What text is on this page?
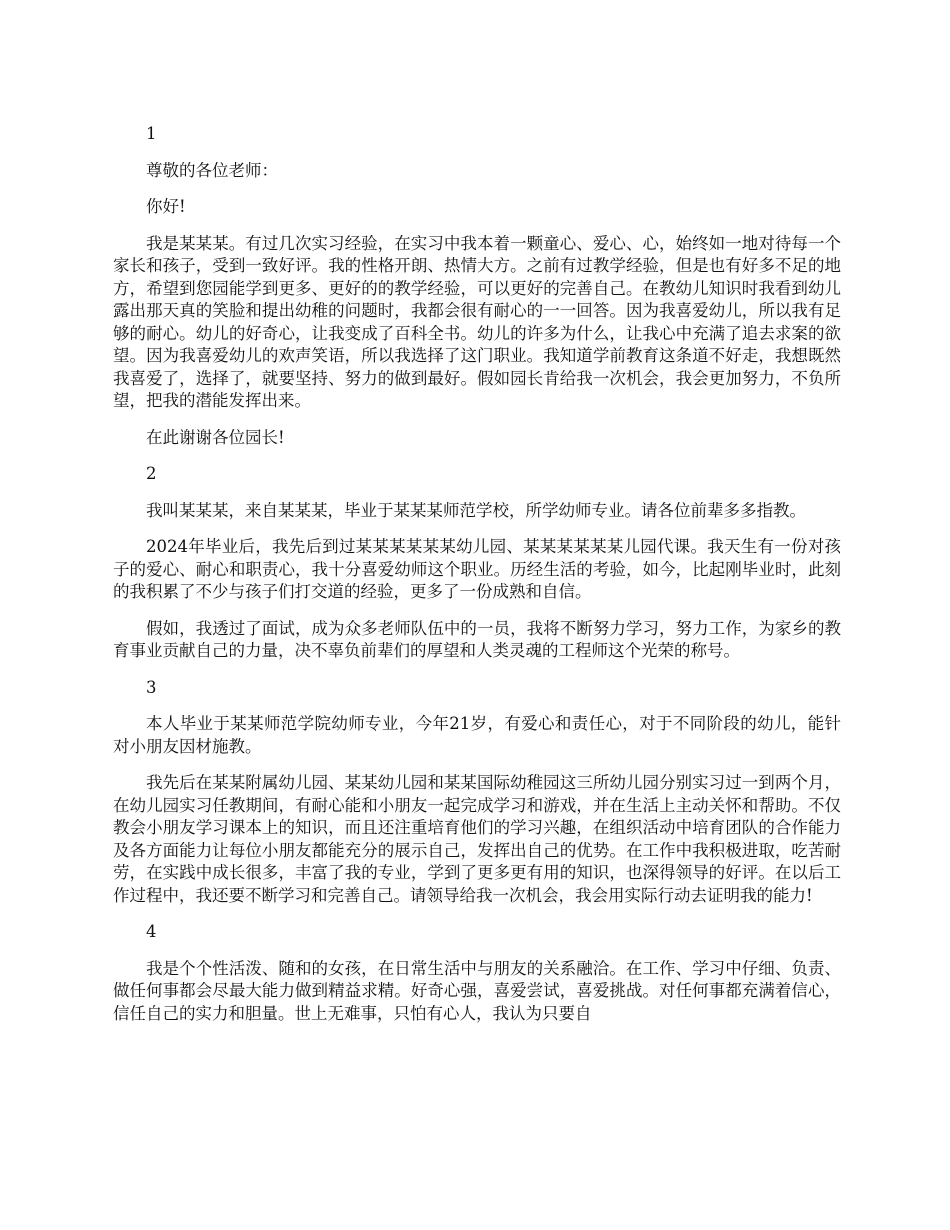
1

尊敬的各位老师：

你好!

我是某某某。有过几次实习经验，在实习中我本着一颗童心、爱心、心，始终如一地对待每一个家长和孩子，受到一致好评。我的性格开朗、热情大方。之前有过教学经验，但是也有好多不足的地方，希望到您园能学到更多、更好的的教学经验，可以更好的完善自己。在教幼儿知识时我看到幼儿露出那天真的笑脸和提出幼稚的问题时，我都会很有耐心的一一回答。因为我喜爱幼儿，所以我有足够的耐心。幼儿的好奇心，让我变成了百科全书。幼儿的许多为什么，让我心中充满了追去求案的欲望。因为我喜爱幼儿的欢声笑语，所以我选择了这门职业。我知道学前教育这条道不好走，我想既然我喜爱了，选择了，就要坚持、努力的做到最好。假如园长肯给我一次机会，我会更加努力，不负所望，把我的潜能发挥出来。

在此谢谢各位园长!

2

我叫某某某，来自某某某，毕业于某某某师范学校，所学幼师专业。请各位前辈多多指教。

2024年毕业后，我先后到过某某某某某某幼儿园、某某某某某某儿园代课。我天生有一份对孩子的爱心、耐心和职责心，我十分喜爱幼师这个职业。历经生活的考验，如今，比起刚毕业时，此刻的我积累了不少与孩子们打交道的经验，更多了一份成熟和自信。

假如，我透过了面试，成为众多老师队伍中的一员，我将不断努力学习，努力工作，为家乡的教育事业贡献自己的力量，决不辜负前辈们的厚望和人类灵魂的工程师这个光荣的称号。

3

本人毕业于某某师范学院幼师专业，今年21岁，有爱心和责任心，对于不同阶段的幼儿，能针对小朋友因材施教。

我先后在某某附属幼儿园、某某幼儿园和某某国际幼稚园这三所幼儿园分别实习过一到两个月，在幼儿园实习任教期间，有耐心能和小朋友一起完成学习和游戏，并在生活上主动关怀和帮助。不仅教会小朋友学习课本上的知识，而且还注重培育他们的学习兴趣，在组织活动中培育团队的合作能力及各方面能力让每位小朋友都能充分的展示自己，发挥出自己的优势。在工作中我积极进取，吃苦耐劳，在实践中成长很多，丰富了我的专业，学到了更多更有用的知识，也深得领导的好评。在以后工作过程中，我还要不断学习和完善自己。请领导给我一次机会，我会用实际行动去证明我的能力!

4

我是个个性活泼、随和的女孩，在日常生活中与朋友的关系融洽。在工作、学习中仔细、负责、做任何事都会尽最大能力做到精益求精。好奇心强，喜爱尝试，喜爱挑战。对任何事都充满着信心，信任自己的实力和胆量。世上无难事，只怕有心人，我认为只要自
